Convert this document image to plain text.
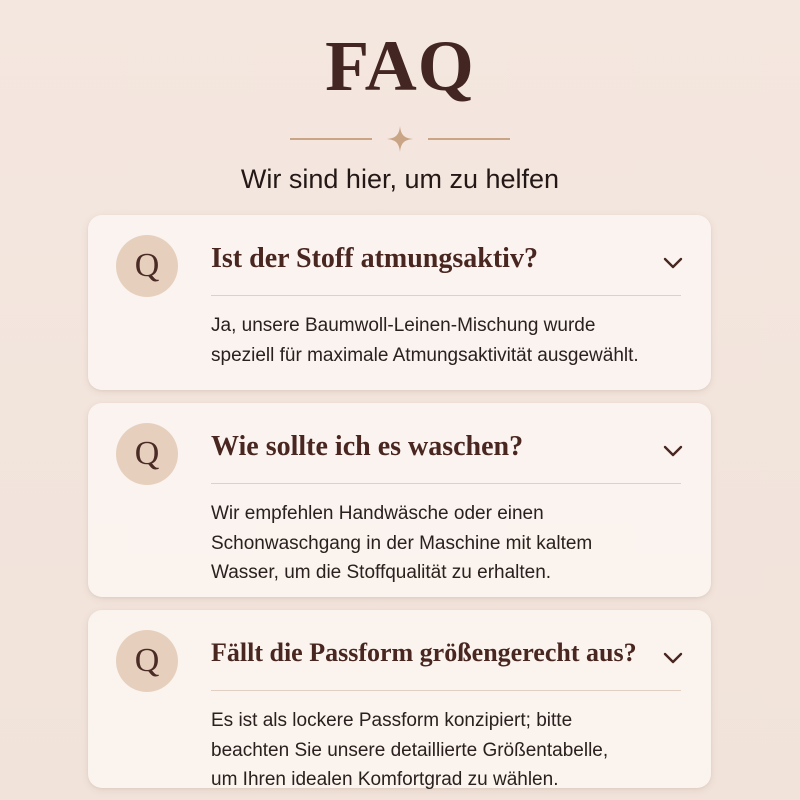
FAQ
Wir sind hier, um zu helfen
Q	Ist der Stoff atmungsaktiv?
Ja, unsere Baumwoll-Leinen-Mischung wurde
speziell für maximale Atmungsaktivität ausgewählt.
Q	Wie sollte ich es waschen?
Wir empfehlen Handwäsche oder einen
Schonwaschgang in der Maschine mit kaltem
Wasser, um die Stoffqualität zu erhalten.
Q	Fällt die Passform größengerecht aus?
Es ist als lockere Passform konzipiert; bitte
beachten Sie unsere detaillierte Größentabelle,
um Ihren idealen Komfortgrad zu wählen.
